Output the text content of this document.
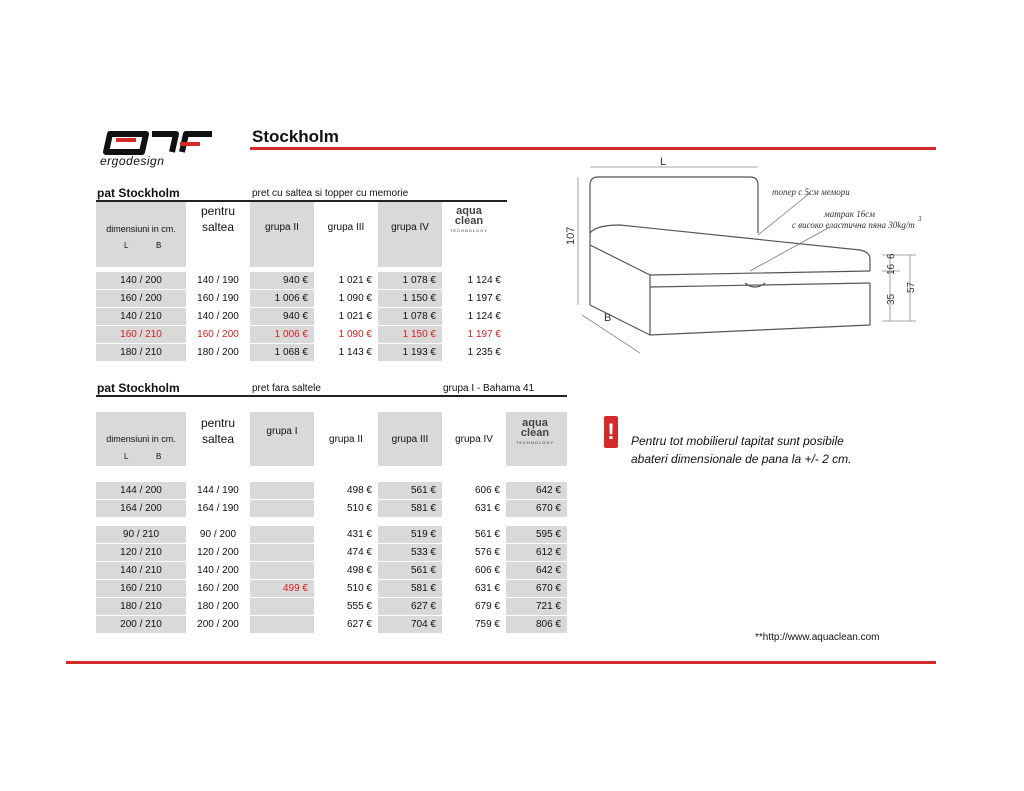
ergodesign
Stockholm
pat Stockholm	pret cu saltea si topper cu memorie
dimensiuni in cm.
L	B
pentru
saltea	grupa II	grupa III	grupa IV
aqua
clean
TECHNOLOGY
140 / 200	140 / 190	940 €	1 021 €	1 078 €	1 124 €
160 / 200	160 / 190	1 006 €	1 090 €	1 150 €	1 197 €
140 / 210	140 / 200	940 €	1 021 €	1 078 €	1 124 €
160 / 210	160 / 200	1 006 €	1 090 €	1 150 €	1 197 €
180 / 210	180 / 200	1 068 €	1 143 €	1 193 €	1 235 €
pat Stockholm	pret fara saltele	grupa I - Bahama 41
dimensiuni in cm.
L	B
pentru
saltea
grupa I
grupa II	grupa III	grupa IV
aqua
clean
TECHNOLOGY
144 / 200	144 / 190		498 €	561 €	606 €	642 €
164 / 200	164 / 190		510 €	581 €	631 €	670 €

90 / 210	90 / 200		431 €	519 €	561 €	595 €
120 / 210	120 / 200		474 €	533 €	576 €	612 €
140 / 210	140 / 200		498 €	561 €	606 €	642 €
160 / 210	160 / 200	499 €	510 €	581 €	631 €	670 €
180 / 210	180 / 200		555 €	627 €	679 €	721 €
200 / 210	200 / 200		627 €	704 €	759 €	806 €
L
107
B
6
16
35
57
топер с 5см мемори
матрак 16см
с високо еластична пяна 30kg/m
3
! Pentru tot mobilierul tapitat sunt posibile
abateri dimensionale de pana la +/- 2 cm.
**http://www.aquaclean.com
